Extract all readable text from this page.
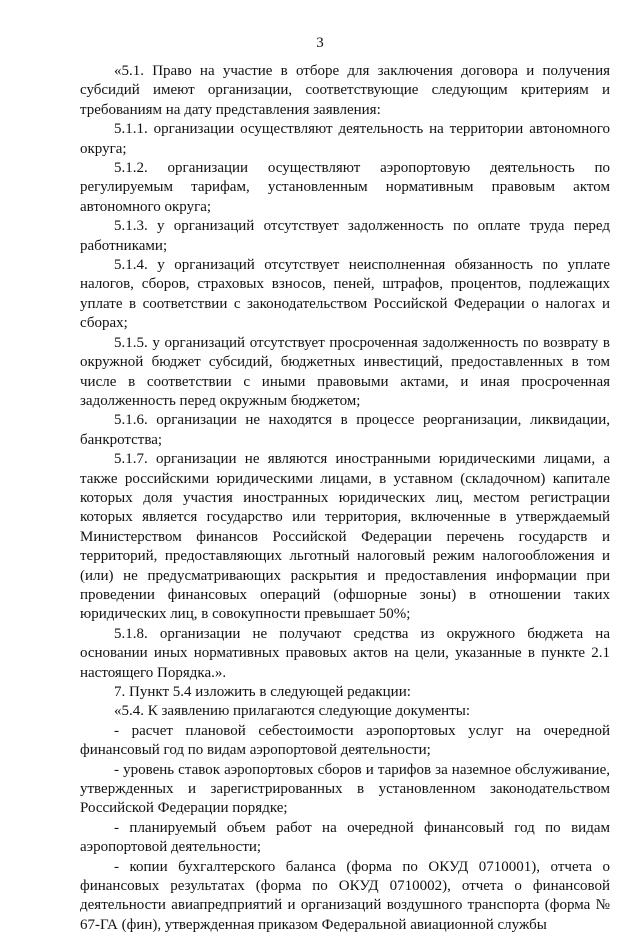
3

«5.1. Право на участие в отборе для заключения договора и получения субсидий имеют организации, соответствующие следующим критериям и требованиям на дату представления заявления:

5.1.1. организации осуществляют деятельность на территории автономного округа;

5.1.2. организации осуществляют аэропортовую деятельность по регулируемым тарифам, установленным нормативным правовым актом автономного округа;

5.1.3. у организаций отсутствует задолженность по оплате труда перед работниками;

5.1.4. у организаций отсутствует неисполненная обязанность по уплате налогов, сборов, страховых взносов, пеней, штрафов, процентов, подлежащих уплате в соответствии с законодательством Российской Федерации о налогах и сборах;

5.1.5. у организаций отсутствует просроченная задолженность по возврату в окружной бюджет субсидий, бюджетных инвестиций, предоставленных в том числе в соответствии с иными правовыми актами, и иная просроченная задолженность перед окружным бюджетом;

5.1.6. организации не находятся в процессе реорганизации, ликвидации, банкротства;

5.1.7. организации не являются иностранными юридическими лицами, а также российскими юридическими лицами, в уставном (складочном) капитале которых доля участия иностранных юридических лиц, местом регистрации которых является государство или территория, включенные в утверждаемый Министерством финансов Российской Федерации перечень государств и территорий, предоставляющих льготный налоговый режим налогообложения и (или) не предусматривающих раскрытия и предоставления информации при проведении финансовых операций (офшорные зоны) в отношении таких юридических лиц, в совокупности превышает 50%;

5.1.8. организации не получают средства из окружного бюджета на основании иных нормативных правовых актов на цели, указанные в пункте 2.1 настоящего Порядка.».

7. Пункт 5.4 изложить в следующей редакции:

«5.4. К заявлению прилагаются следующие документы:

- расчет плановой себестоимости аэропортовых услуг на очередной финансовый год по видам аэропортовой деятельности;

- уровень ставок аэропортовых сборов и тарифов за наземное обслуживание, утвержденных и зарегистрированных в установленном законодательством Российской Федерации порядке;

- планируемый объем работ на очередной финансовый год по видам аэропортовой деятельности;

- копии бухгалтерского баланса (форма по ОКУД 0710001), отчета о финансовых результатах (форма по ОКУД 0710002), отчета о финансовой деятельности авиапредприятий и организаций воздушного транспорта (форма № 67-ГА (фин), утвержденная приказом Федеральной авиационной службы
